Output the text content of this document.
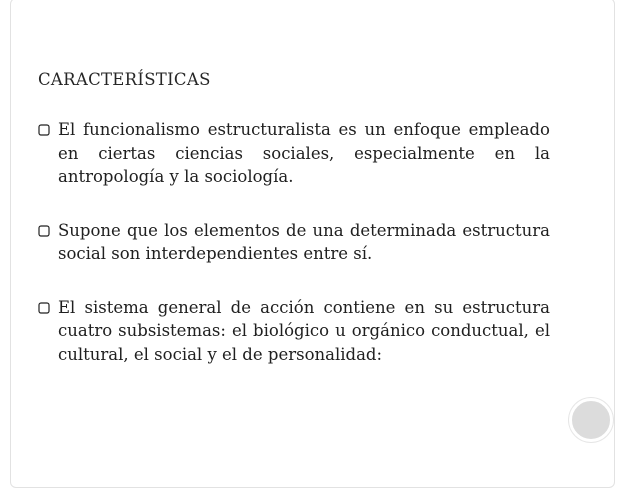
CARACTERÍSTICAS
El funcionalismo estructuralista es un enfoque empleado en ciertas ciencias sociales, especialmente en la antropología y la sociología.
Supone que los elementos de una determinada estructura social son interdependientes entre sí.
El sistema general de acción contiene en su estructura cuatro subsistemas: el biológico u orgánico conductual, el cultural, el social y el de personalidad:
